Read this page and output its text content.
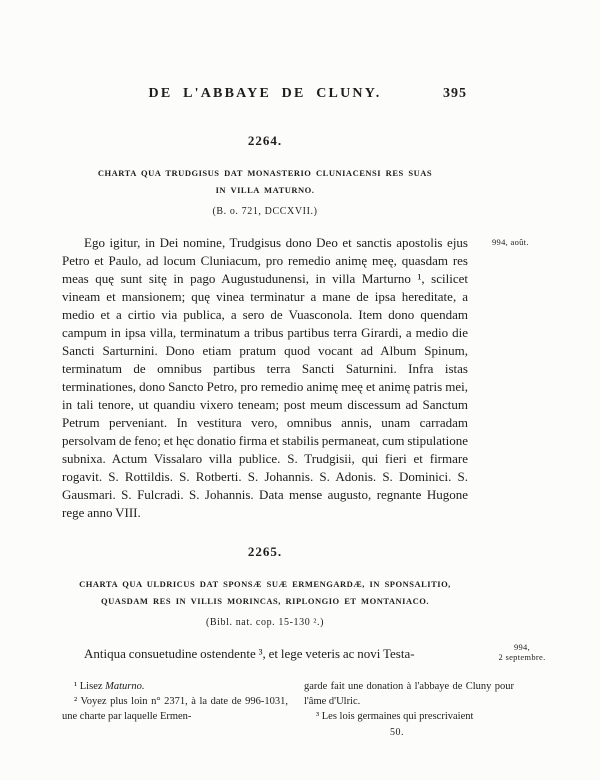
DE L'ABBAYE DE CLUNY.	395
2264.
CHARTA QUA TRUDGISUS DAT MONASTERIO CLUNIACENSI RES SUAS
IN VILLA MATURNO.
(B. o. 721, DCCXVII.)

Ego igitur, in Dei nomine, Trudgisus dono Deo et sanctis apostolis ejus Petro et Paulo, ad locum Cluniacum, pro remedio animę meę, quasdam res meas quę sunt sitę in pago Augustudunensi, in villa Marturno ¹, scilicet vineam et mansionem; quę vinea terminatur a mane de ipsa hereditate, a medio et a cirtio via publica, a sero de Vuasconola. Item dono quendam campum in ipsa villa, terminatum a tribus partibus terra Girardi, a medio die Sancti Sarturnini. Dono etiam pratum quod vocant ad Album Spinum, terminatum de omnibus partibus terra Sancti Saturnini. Infra istas terminationes, dono Sancto Petro, pro remedio animę meę et animę patris mei, in tali tenore, ut quandiu vixero teneam; post meum discessum ad Sanctum Petrum perveniant. In vestitura vero, omnibus annis, unam carradam persolvam de feno; et hęc donatio firma et stabilis permaneat, cum stipulatione subnixa. Actum Vissalaro villa publice. S. Trudgisii, qui fieri et firmare rogavit. S. Rottildis. S. Rotberti. S. Johannis. S. Adonis. S. Dominici. S. Gausmari. S. Fulcradi. S. Johannis. Data mense augusto, regnante Hugone rege anno VIII.

994, août.
2265.
CHARTA QUA ULDRICUS DAT SPONSÆ SUÆ ERMENGARDÆ, IN SPONSALITIO,
QUASDAM RES IN VILLIS MORINCAS, RIPLONGIO ET MONTANIACO.
(Bibl. nat. cop. 15-130 ².)

Antiqua consuetudine ostendente ³, et lege veteris ac novi Testa-	994,
2 septembre.

¹ Lisez Maturno.

² Voyez plus loin n° 2371, à la date de 996-1031, une charte par laquelle Ermen-

garde fait une donation à l'abbaye de Cluny pour l'âme d'Ulric.

³ Les lois germaines qui prescrivaient

50.
